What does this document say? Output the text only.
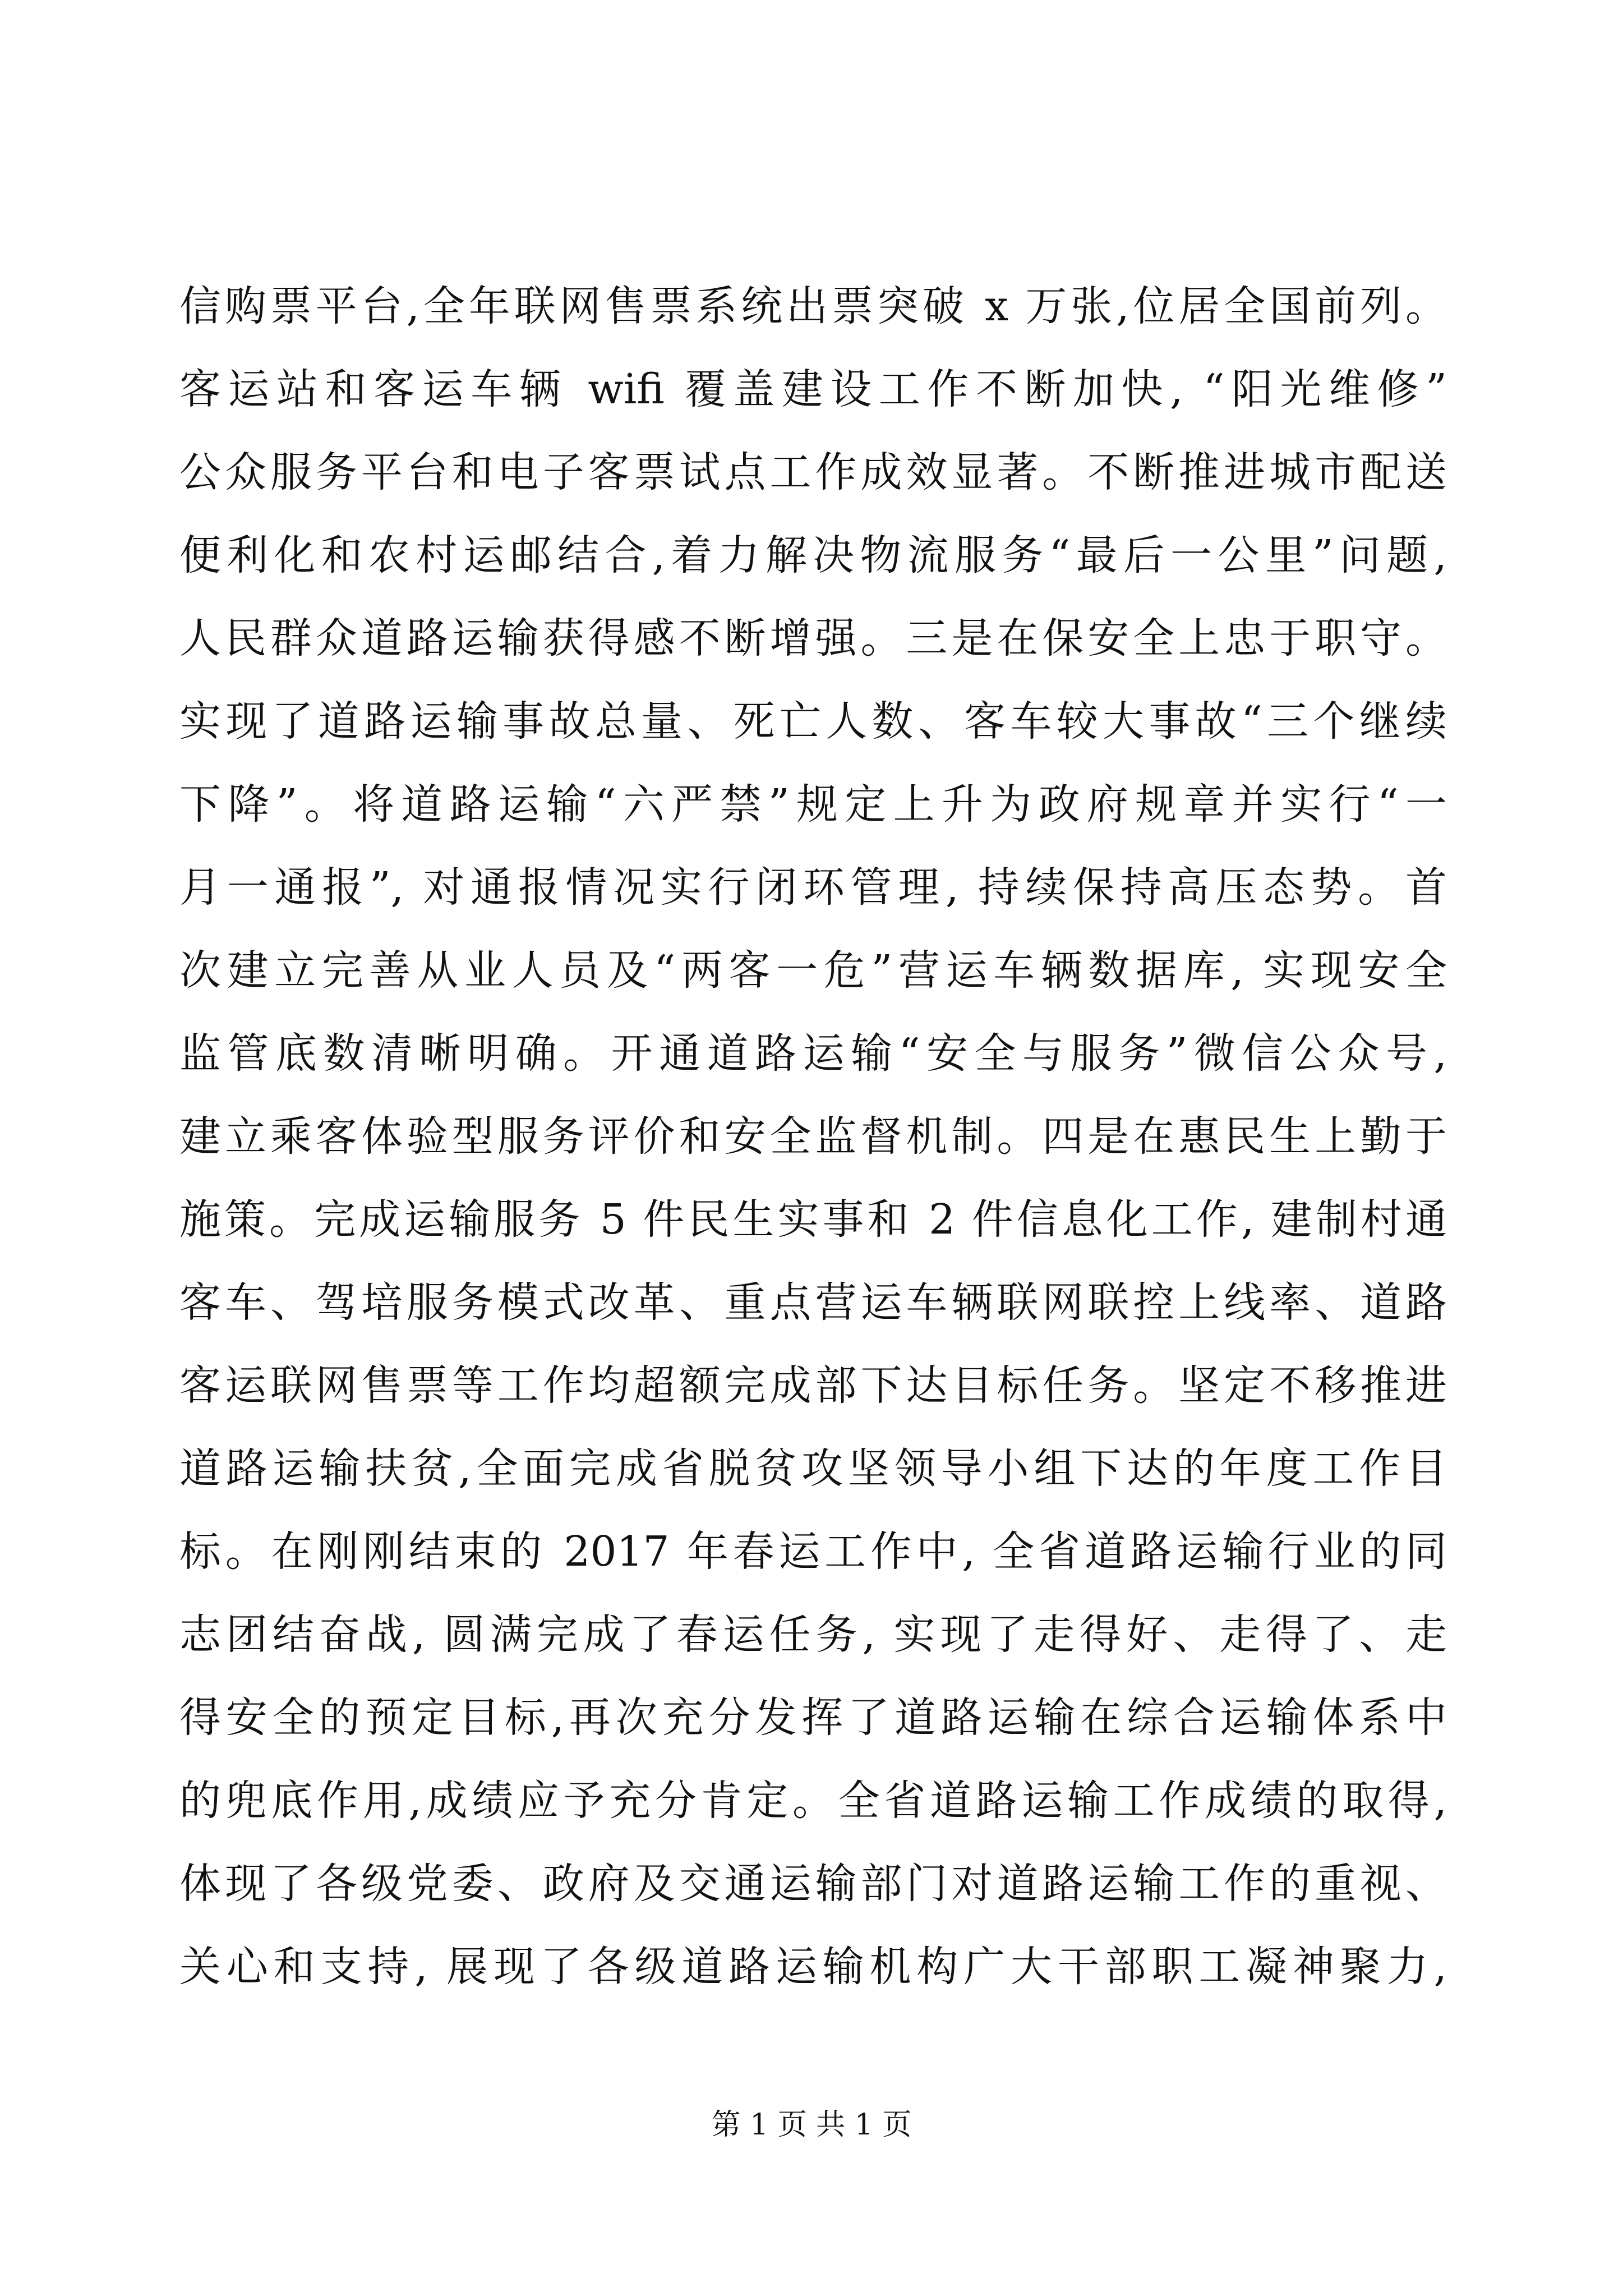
信购票平台,全年联网售票系统出票突破 x 万张,位居全国前列。
客运站和客运车辆 wifi 覆盖建设工作不断加快, “阳光维修”
公众服务平台和电子客票试点工作成效显著。不断推进城市配送
便利化和农村运邮结合,着力解决物流服务“最后一公里”问题,
人民群众道路运输获得感不断增强。三是在保安全上忠于职守。
实现了道路运输事故总量、死亡人数、客车较大事故“三个继续
下降”。将道路运输“六严禁”规定上升为政府规章并实行“一
月一通报”, 对通报情况实行闭环管理, 持续保持高压态势。首
次建立完善从业人员及“两客一危”营运车辆数据库, 实现安全
监管底数清晰明确。开通道路运输“安全与服务”微信公众号,
建立乘客体验型服务评价和安全监督机制。四是在惠民生上勤于
施策。完成运输服务 5 件民生实事和 2 件信息化工作, 建制村通
客车、驾培服务模式改革、重点营运车辆联网联控上线率、道路
客运联网售票等工作均超额完成部下达目标任务。坚定不移推进
道路运输扶贫,全面完成省脱贫攻坚领导小组下达的年度工作目
标。在刚刚结束的 2017 年春运工作中, 全省道路运输行业的同
志团结奋战, 圆满完成了春运任务, 实现了走得好、走得了、走
得安全的预定目标,再次充分发挥了道路运输在综合运输体系中
的兜底作用,成绩应予充分肯定。全省道路运输工作成绩的取得,
体现了各级党委、政府及交通运输部门对道路运输工作的重视、
关心和支持, 展现了各级道路运输机构广大干部职工凝神聚力,
第 1 页 共 1 页
